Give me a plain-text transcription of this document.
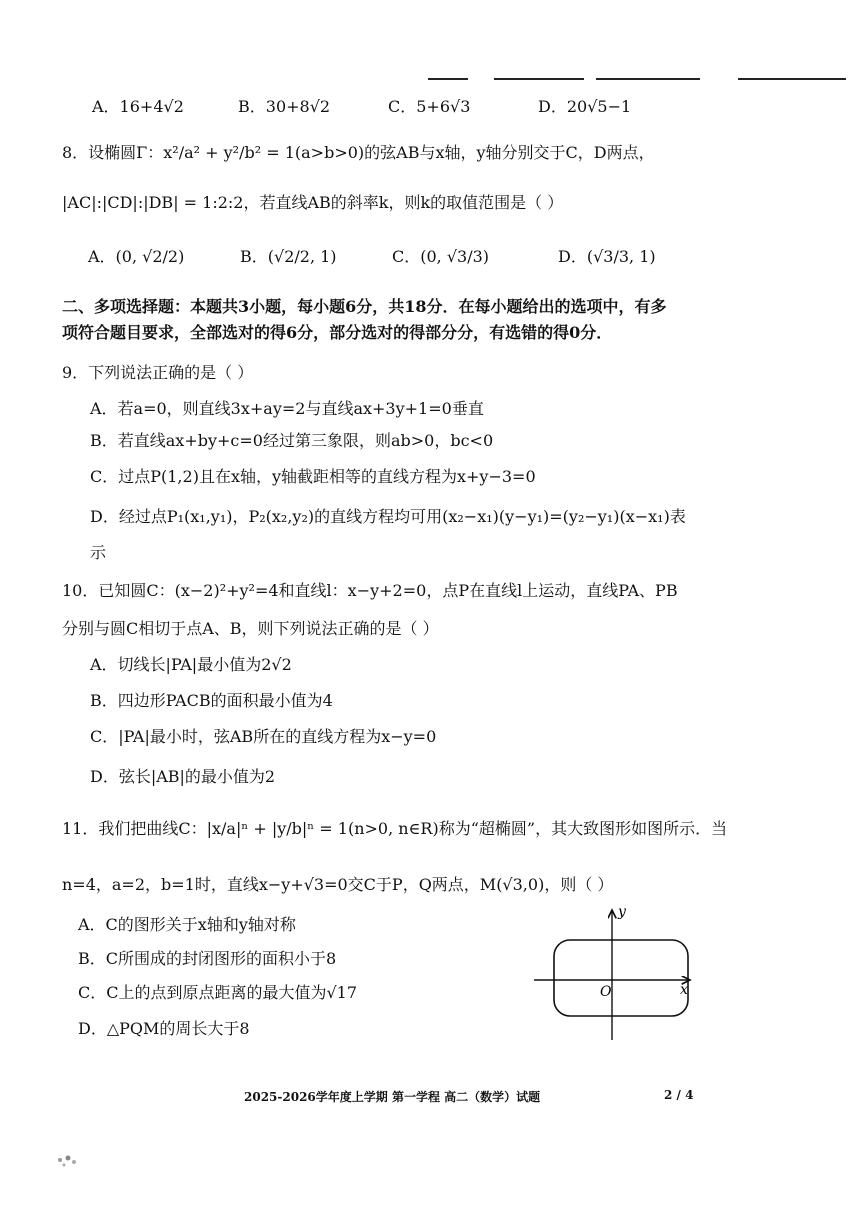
A．16+4√2	B．30+8√2	C．5+6√3	D．20√5−1
8．设椭圆Γ：x²/a² + y²/b² = 1(a>b>0)的弦AB与x轴，y轴分别交于C，D两点，
|AC|:|CD|:|DB| = 1:2:2，若直线AB的斜率k，则k的取值范围是（ ）
A．(0, √2/2)	B．(√2/2, 1)	C．(0, √3/3)	D．(√3/3, 1)
二、多项选择题：本题共3小题，每小题6分，共18分．在每小题给出的选项中，有多
项符合题目要求，全部选对的得6分，部分选对的得部分分，有选错的得0分．
9．下列说法正确的是（ ）
A．若a=0，则直线3x+ay=2与直线ax+3y+1=0垂直
B．若直线ax+by+c=0经过第三象限，则ab>0，bc<0
C．过点P(1,2)且在x轴，y轴截距相等的直线方程为x+y−3=0
D．经过点P₁(x₁,y₁)，P₂(x₂,y₂)的直线方程均可用(x₂−x₁)(y−y₁)=(y₂−y₁)(x−x₁)表
示
10．已知圆C：(x−2)²+y²=4和直线l：x−y+2=0，点P在直线l上运动，直线PA、PB
分别与圆C相切于点A、B，则下列说法正确的是（ ）
A．切线长|PA|最小值为2√2
B．四边形PACB的面积最小值为4
C．|PA|最小时，弦AB所在的直线方程为x−y=0
D．弦长|AB|的最小值为2
11．我们把曲线C：|x/a|ⁿ + |y/b|ⁿ = 1(n>0, n∈R)称为“超椭圆”，其大致图形如图所示．当
n=4，a=2，b=1时，直线x−y+√3=0交C于P，Q两点，M(√3,0)，则（ ）
A．C的图形关于x轴和y轴对称
B．C所围成的封闭图形的面积小于8
C．C上的点到原点距离的最大值为√17
D．△PQM的周长大于8
y
x
O
2025-2026学年度上学期 第一学程 高二（数学）试题	2 / 4
